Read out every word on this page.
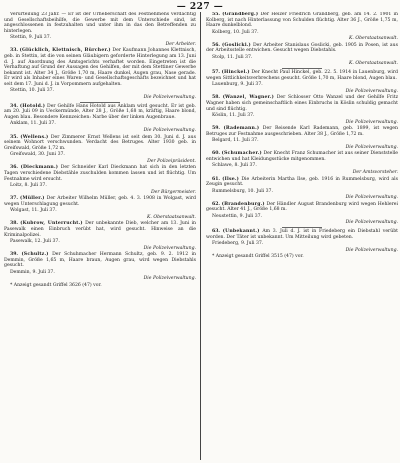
— 227 —

Verurteilung 23 Jahr. — Er ist der Urheberschaft des Festnehmens verdächtig und Gesellschaftsbeihilfe, die Gewerbe mit dem Unterschiede sind, ist angeschlossenen in festzuhalten und unter ihm in das den Betreffenden zu hinterlegen.

Stettin, 9. Juli 37.

Der Arbeiter.

33. (Glücklich, Klettnisch, Bürcher.) Der Kaufmann Johannes Klettnisch, geb. in Stettin, ist die von seinen Gläubigern geforderte Hinterlegung am 13. Juni d. J. auf Anordnung des Amtsgerichts verhaftet worden. Eingetreten ist die Verhaftung auf Grund der Aussagen des Gehilfen, der mit dem Stettiner Gewerbe bekannt ist. Alter 34 J., Größe 1,70 m, Haare dunkel, Augen grau, Nase gerade. Er wird als Inhaber eines Waren- und Gesellschaftsgeschäfts bezeichnet und hat seit dem 17. Juni d. J. in Vorpommern aufgehalten.

Stettin, 10. Juli 37.

Die Polizeiverwaltung.

34. (Hotold.) Der Gehilfe Hans Hotold aus Anklam wird gesucht. Er ist geb. am 20. Juli 09 in Ueckermünde, Alter 28 J., Größe 1,68 m, kräftig, Haare blond, Augen blau. Besondere Kennzeichen: Narbe über der linken Augenbraue.

Anklam, 11. Juli 37.

Die Polizeiverwaltung.

35. (Wellens.) Der Zimmerer Ernst Wellens ist seit dem 30. Juni d. J. aus seinem Wohnort verschwunden. Verdacht des Betruges. Alter 1930 geb. in Greifswald, Größe 1,72 m.

Greifswald, 30. Juni 37.

Der Polizeipräsident.

36. (Dieckmann.) Der Schneider Karl Dieckmann hat sich in den letzten Tagen verschiedene Diebstähle zuschulden kommen lassen und ist flüchtig. Um Festnahme wird ersucht.

Loitz, 8. Juli 37.

Der Bürgermeister.

37. (Müller.) Der Arbeiter Wilhelm Müller, geb. 4. 3. 1908 in Wolgast, wird wegen Unterschlagung gesucht.

Wolgast, 11. Juli 37.

K. Oberstaatsanwalt.

38. (Kubrow, Unterrucht.) Der unbekannte Dieb, welcher am 13. Juni in Pasewalk einen Einbruch verübt hat, wird gesucht. Hinweise an die Kriminalpolizei.

Pasewalk, 12. Juli 37.

Die Polizeiverwaltung.

39. (Schultz.) Der Schuhmacher Hermann Schultz, geb. 9. 2. 1912 in Demmin, Größe 1,65 m, Haare braun, Augen grau, wird wegen Diebstahls gesucht.

Demmin, 9. Juli 37.

Die Polizeiverwaltung.

* Anzeigt gesandt Griffel 3626 (47) vor.

55. (Grandberg.) Der Heizer Friedrich Grandberg, geb. am 14. 2. 1901 in Kolberg, ist nach Hinterlassung von Schulden flüchtig. Alter 36 J., Größe 1,75 m, Haare dunkelblond.

Kolberg, 10. Juli 37.

K. Oberstaatsanwalt.

56. (Goslicki.) Der Arbeiter Stanislaus Goslicki, geb. 1905 in Posen, ist aus der Arbeitsstelle entwichen. Gesucht wegen Diebstahls.

Stolp, 11. Juli 37.

K. Oberstaatsanwalt.

57. (Hinckel.) Der Knecht Paul Hinckel, geb. 22. 5. 1914 in Lauenburg, wird wegen Sittlichkeitsverbrechens gesucht. Größe 1,70 m, Haare blond, Augen blau.

Lauenburg, 9. Juli 37.

Die Polizeiverwaltung.

58. (Wanzel, Wagner.) Der Schlosser Otto Wanzel und der Gehilfe Fritz Wagner haben sich gemeinschaftlich eines Einbruchs in Köslin schuldig gemacht und sind flüchtig.

Köslin, 11. Juli 37.

Die Polizeiverwaltung.

59. (Rademann.) Der Reisende Karl Rademann, geb. 1899, ist wegen Betruges zur Festnahme ausgeschrieben. Alter 38 J., Größe 1,72 m.

Belgard, 11. Juli 37.

Die Polizeiverwaltung.

60. (Schumacher.) Der Knecht Franz Schumacher ist aus seiner Dienststelle entwichen und hat Kleidungsstücke mitgenommen.

Schlawe, 8. Juli 37.

Der Amtsvorsteher.

61. (Ilse.) Die Arbeiterin Martha Ilse, geb. 1916 in Rummelsburg, wird als Zeugin gesucht.

Rummelsburg, 10. Juli 37.

Die Polizeiverwaltung.

62. (Brandenburg.) Der Händler August Brandenburg wird wegen Hehlerei gesucht. Alter 41 J., Größe 1,68 m.

Neustettin, 9. Juli 37.

Die Polizeiverwaltung.

63. (Unbekannt.) Am 3. Juli d. J. ist in Friedeberg ein Diebstahl verübt worden. Der Täter ist unbekannt. Um Mitteilung wird gebeten.

Friedeberg, 9. Juli 37.

Die Polizeiverwaltung.

* Anzeigt gesandt Griffel 3515 (47) vor.
